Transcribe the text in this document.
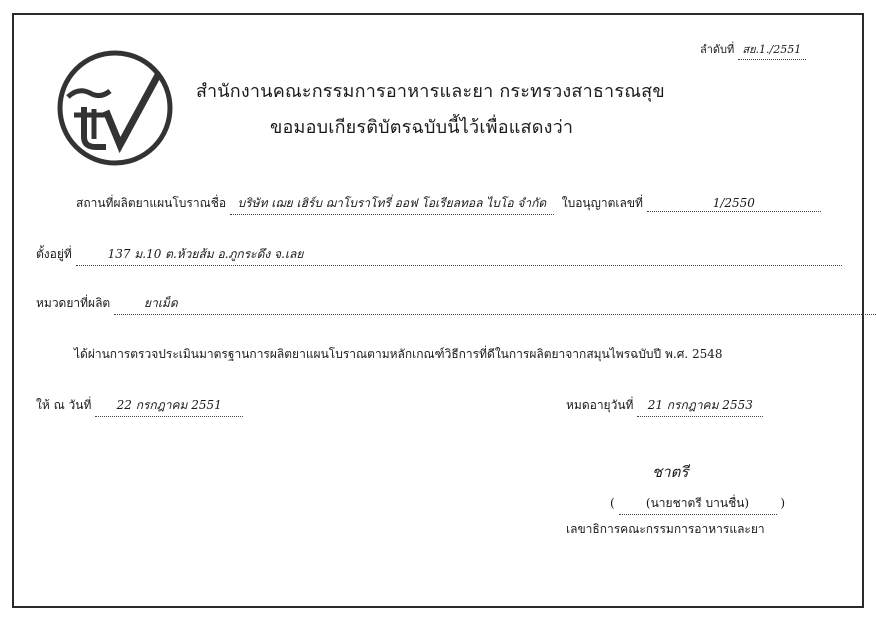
ลำดับที่ สย.1./2551
สำนักงานคณะกรรมการอาหารและยา กระทรวงสาธารณสุข
ขอมอบเกียรติบัตรฉบับนี้ไว้เพื่อแสดงว่า
สถานที่ผลิตยาแผนโบราณชื่อ บริษัท เฌย เฮิร์บ ฌาโบราโทรี่ ออฟ โอเรียลทอล ไบโอ จำกัด ใบอนุญาตเลขที่	1/2550
ตั้งอยู่ที่	137 ม.10 ต.ห้วยส้ม อ.ภูกระดึง จ.เลย
หมวดยาที่ผลิต	ยาเม็ด
ได้ผ่านการตรวจประเมินมาตรฐานการผลิตยาแผนโบราณตามหลักเกณฑ์วิธีการที่ดีในการผลิตยาจากสมุนไพรฉบับปี พ.ศ. 2548
ให้ ณ วันที่ 22 กรกฎาคม 2551	หมดอายุวันที่ 21 กรกฎาคม 2553
ชาตรี
(	(นายชาตรี บานชื่น)	)
เลขาธิการคณะกรรมการอาหารและยา
